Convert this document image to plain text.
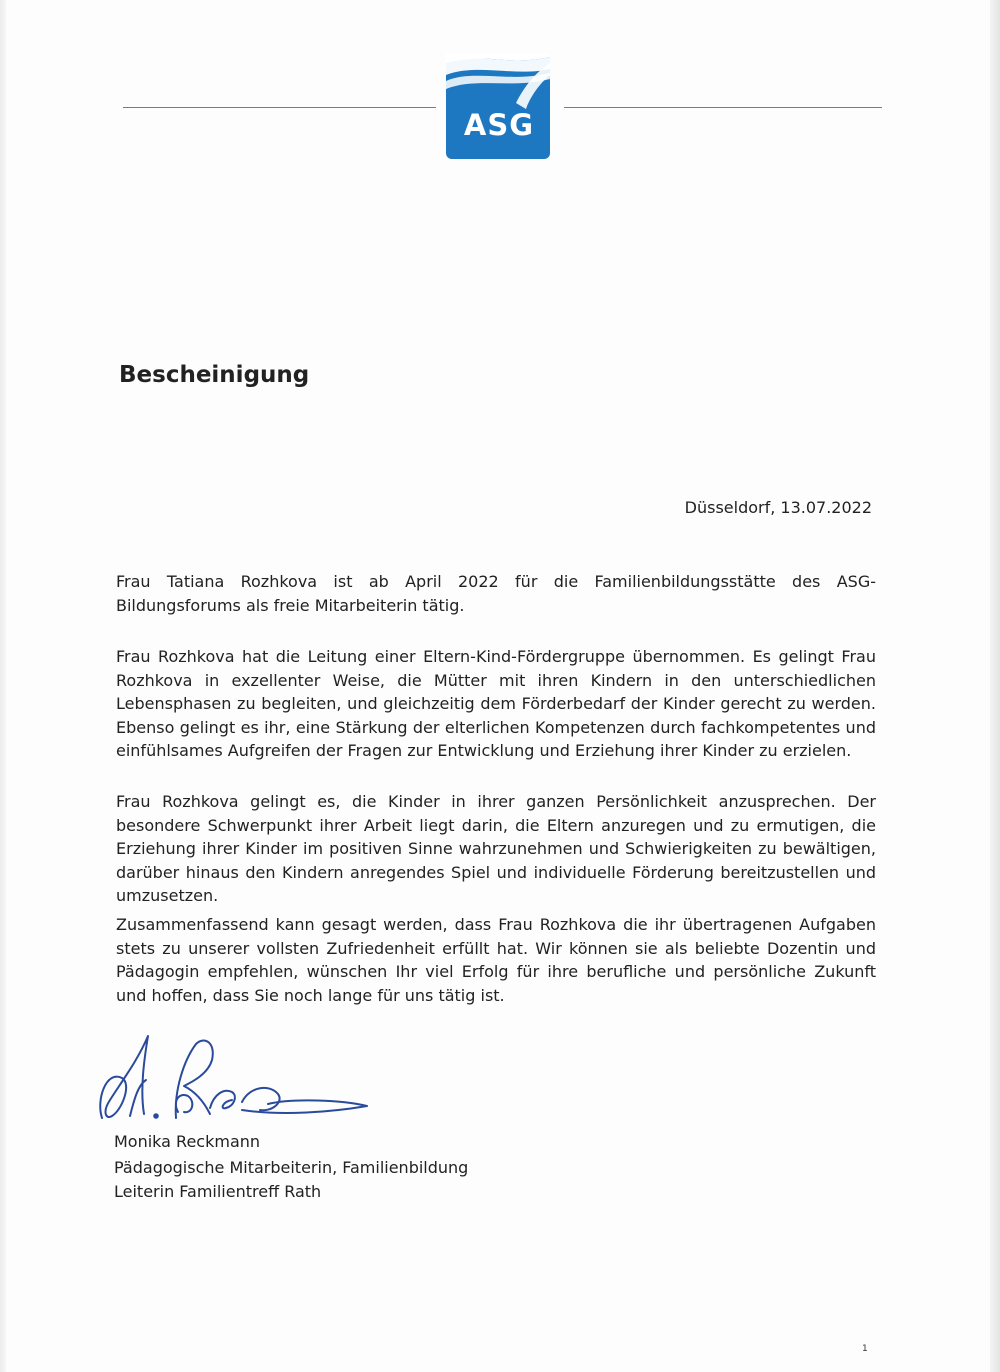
ASG
Bescheinigung
Düsseldorf, 13.07.2022

Frau Tatiana Rozhkova ist ab April 2022 für die Familienbildungsstätte des ASG-Bildungsforums als freie Mitarbeiterin tätig.

Frau Rozhkova hat die Leitung einer Eltern-Kind-Fördergruppe übernommen. Es gelingt Frau Rozhkova in exzellenter Weise, die Mütter mit ihren Kindern in den unterschiedlichen Lebensphasen zu begleiten, und gleichzeitig dem Förderbedarf der Kinder gerecht zu werden. Ebenso gelingt es ihr, eine Stärkung der elterlichen Kompetenzen durch fachkompetentes und einfühlsames Aufgreifen der Fragen zur Entwicklung und Erziehung ihrer Kinder zu erzielen.

Frau Rozhkova gelingt es, die Kinder in ihrer ganzen Persönlichkeit anzusprechen. Der besondere Schwerpunkt ihrer Arbeit liegt darin, die Eltern anzuregen und zu ermutigen, die Erziehung ihrer Kinder im positiven Sinne wahrzunehmen und Schwierigkeiten zu bewältigen, darüber hinaus den Kindern anregendes Spiel und individuelle Förderung bereitzustellen und umzusetzen.

Zusammenfassend kann gesagt werden, dass Frau Rozhkova die ihr übertragenen Aufgaben stets zu unserer vollsten Zufriedenheit erfüllt hat. Wir können sie als beliebte Dozentin und Pädagogin empfehlen, wünschen Ihr viel Erfolg für ihre berufliche und persönliche Zukunft und hoffen, dass Sie noch lange für uns tätig ist.

Monika Reckmann

Pädagogische Mitarbeiterin, Familienbildung

Leiterin Familientreff Rath

1
